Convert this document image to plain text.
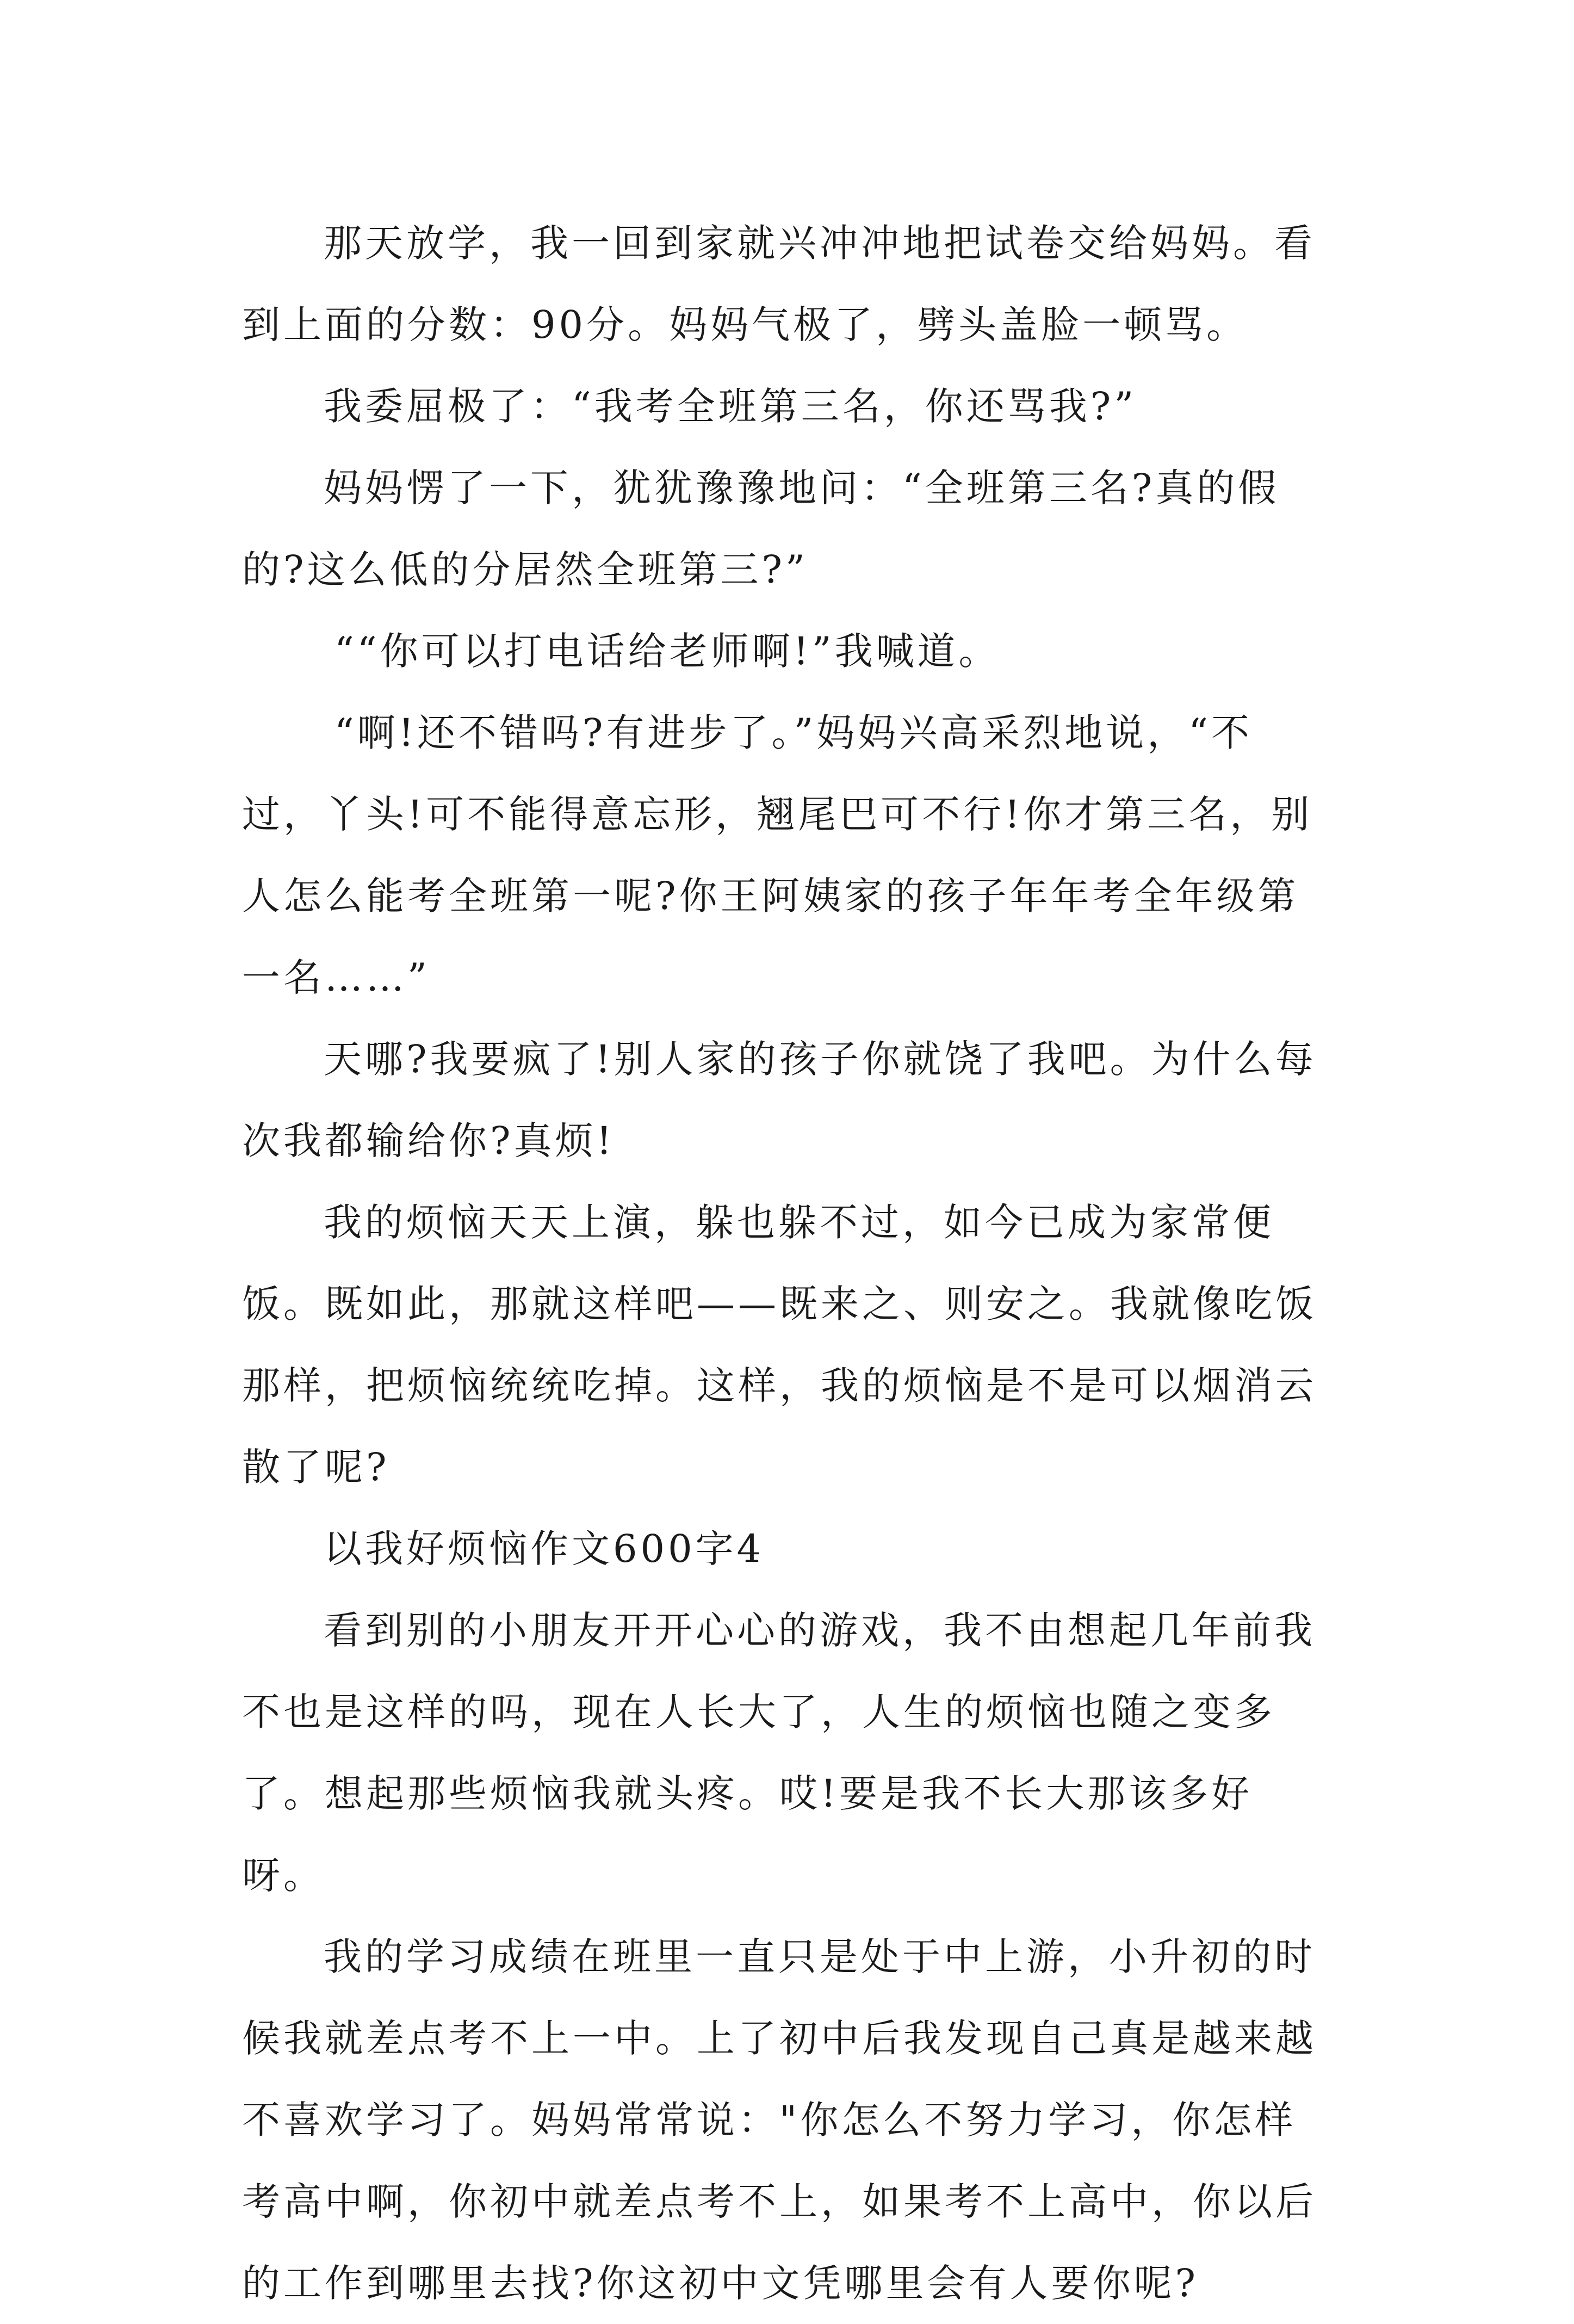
那天放学，我一回到家就兴冲冲地把试卷交给妈妈。看到上面的分数：90分。妈妈气极了，劈头盖脸一顿骂。

我委屈极了：“我考全班第三名，你还骂我?”

妈妈愣了一下，犹犹豫豫地问：“全班第三名?真的假的?这么低的分居然全班第三?”

““你可以打电话给老师啊!”我喊道。

“啊!还不错吗?有进步了。”妈妈兴高采烈地说，“不过，丫头!可不能得意忘形，翘尾巴可不行!你才第三名，别人怎么能考全班第一呢?你王阿姨家的孩子年年考全年级第一名……”

天哪?我要疯了!别人家的孩子你就饶了我吧。为什么每次我都输给你?真烦!

我的烦恼天天上演，躲也躲不过，如今已成为家常便饭。既如此，那就这样吧——既来之、则安之。我就像吃饭那样，把烦恼统统吃掉。这样，我的烦恼是不是可以烟消云散了呢?

以我好烦恼作文600字4

看到别的小朋友开开心心的游戏，我不由想起几年前我不也是这样的吗，现在人长大了，人生的烦恼也随之变多了。想起那些烦恼我就头疼。哎!要是我不长大那该多好呀。

我的学习成绩在班里一直只是处于中上游，小升初的时候我就差点考不上一中。上了初中后我发现自己真是越来越不喜欢学习了。妈妈常常说："你怎么不努力学习，你怎样考高中啊，你初中就差点考不上，如果考不上高中，你以后的工作到哪里去找?你这初中文凭哪里会有人要你呢?
